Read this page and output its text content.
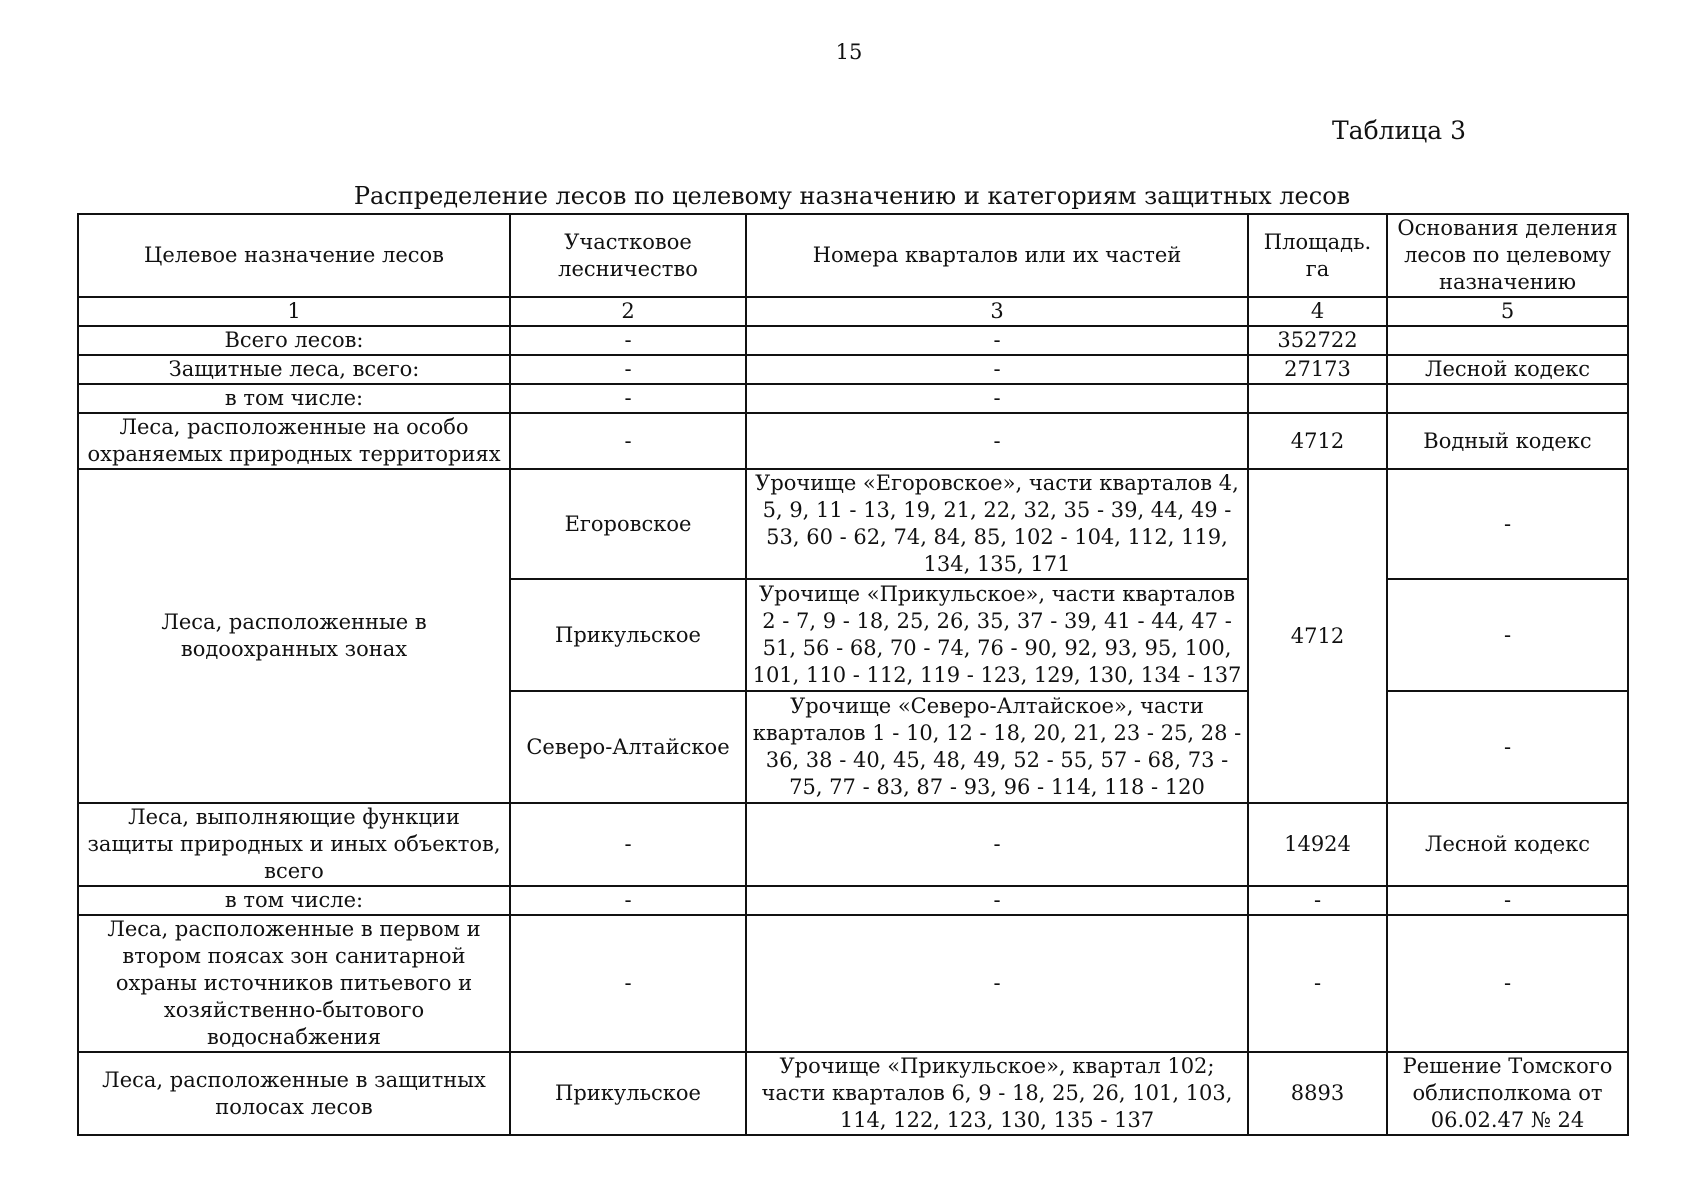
15
Таблица 3
Распределение лесов по целевому назначению и категориям защитных лесов
Целевое назначение лесов	Участковое лесничество	Номера кварталов или их частей	Площадь. га	Основания деления лесов по целевому назначению
1	2	3	4	5
Всего лесов:	-	-	352722	
Защитные леса, всего:	-	-	27173	Лесной кодекс
в том числе:	-	-		
Леса, расположенные на особо охраняемых природных территориях	-	-	4712	Водный кодекс
Леса, расположенные в водоохранных зонах	Егоровское	Урочище «Егоровское», части кварталов 4, 5, 9, 11 - 13, 19, 21, 22, 32, 35 - 39, 44, 49 - 53, 60 - 62, 74, 84, 85, 102 - 104, 112, 119, 134, 135, 171	4712	-
	Прикульское	Урочище «Прикульское», части кварталов 2 - 7, 9 - 18, 25, 26, 35, 37 - 39, 41 - 44, 47 - 51, 56 - 68, 70 - 74, 76 - 90, 92, 93, 95, 100, 101, 110 - 112, 119 - 123, 129, 130, 134 - 137		-
	Северо-Алтайское	Урочище «Северо-Алтайское», части кварталов 1 - 10, 12 - 18, 20, 21, 23 - 25, 28 - 36, 38 - 40, 45, 48, 49, 52 - 55, 57 - 68, 73 - 75, 77 - 83, 87 - 93, 96 - 114, 118 - 120		-
Леса, выполняющие функции защиты природных и иных объектов, всего	-	-	14924	Лесной кодекс
в том числе:	-	-	-	-
Леса, расположенные в первом и втором поясах зон санитарной охраны источников питьевого и хозяйственно-бытового водоснабжения	-	-	-	-
Леса, расположенные в защитных полосах лесов	Прикульское	Урочище «Прикульское», квартал 102; части кварталов 6, 9 - 18, 25, 26, 101, 103, 114, 122, 123, 130, 135 - 137	8893	Решение Томского облисполкома от 06.02.47 № 24
